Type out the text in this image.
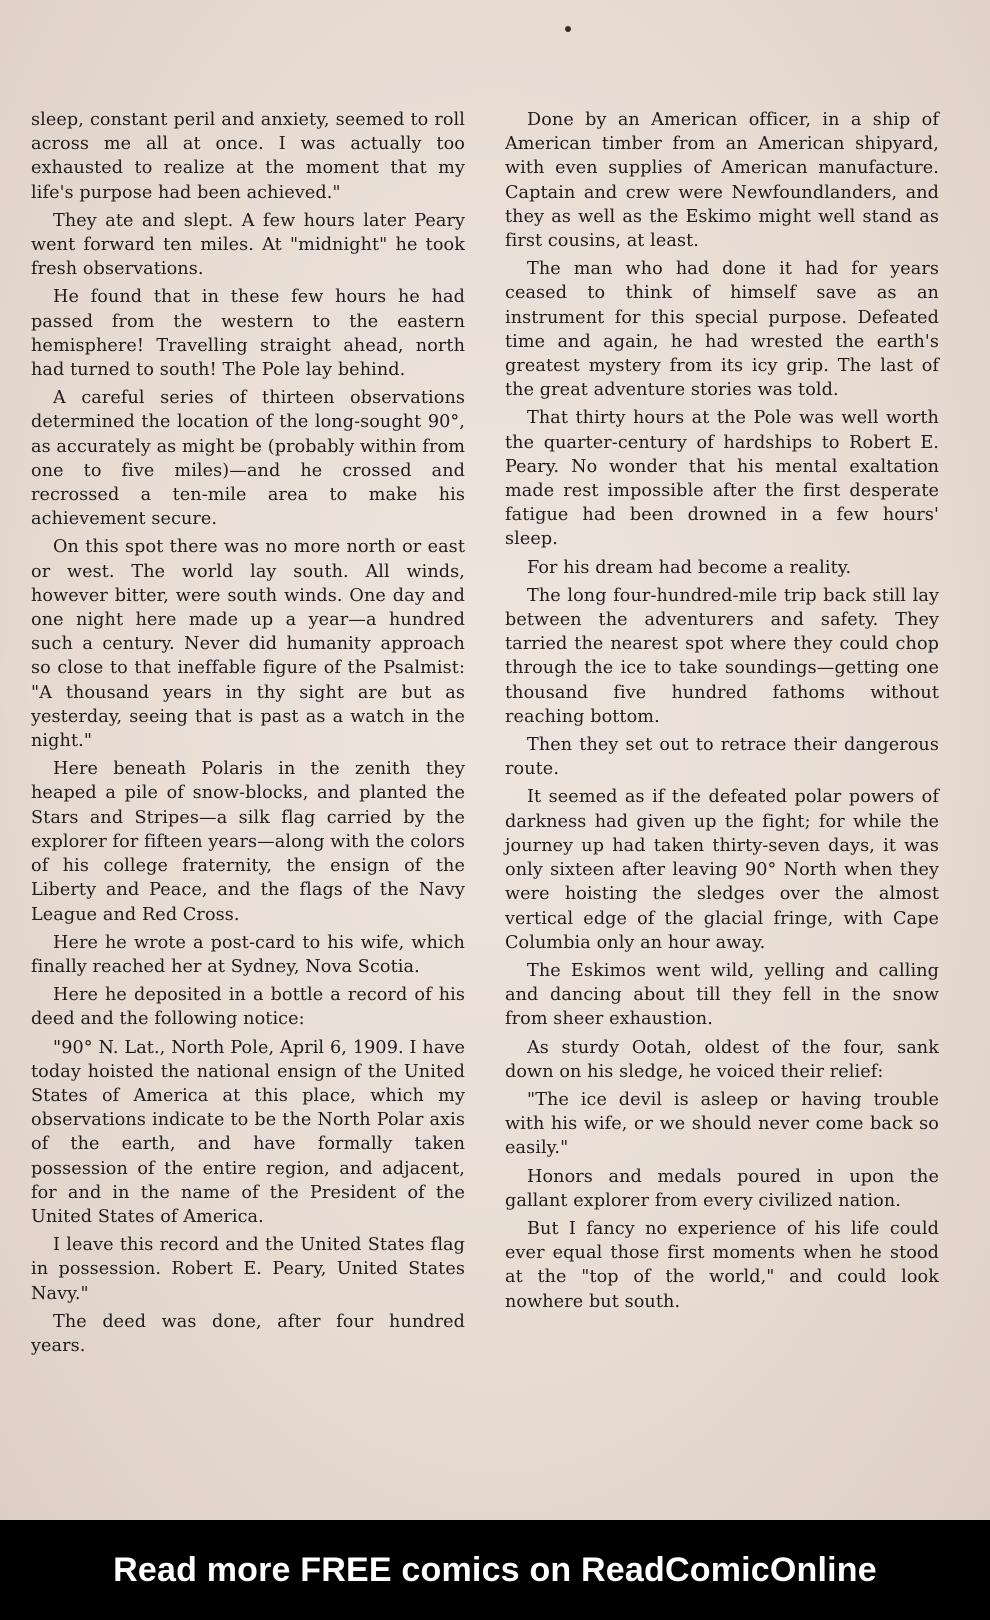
sleep, constant peril and anxiety, seemed to roll across me all at once. I was actually too exhausted to realize at the moment that my life's purpose had been achieved."

They ate and slept. A few hours later Peary went forward ten miles. At "midnight" he took fresh observations.

He found that in these few hours he had passed from the western to the eastern hemisphere! Travelling straight ahead, north had turned to south! The Pole lay behind.

A careful series of thirteen observations determined the location of the long-sought 90°, as accurately as might be (probably within from one to five miles)—and he crossed and recrossed a ten-mile area to make his achievement secure.

On this spot there was no more north or east or west. The world lay south. All winds, however bitter, were south winds. One day and one night here made up a year—a hundred such a century. Never did humanity approach so close to that ineffable figure of the Psalmist: "A thousand years in thy sight are but as yesterday, seeing that is past as a watch in the night."

Here beneath Polaris in the zenith they heaped a pile of snow-blocks, and planted the Stars and Stripes—a silk flag carried by the explorer for fifteen years—along with the colors of his college fraternity, the ensign of the Liberty and Peace, and the flags of the Navy League and Red Cross.

Here he wrote a post-card to his wife, which finally reached her at Sydney, Nova Scotia.

Here he deposited in a bottle a record of his deed and the following notice:

"90° N. Lat., North Pole, April 6, 1909. I have today hoisted the national ensign of the United States of America at this place, which my observations indicate to be the North Polar axis of the earth, and have formally taken possession of the entire region, and adjacent, for and in the name of the President of the United States of America.

I leave this record and the United States flag in possession. Robert E. Peary, United States Navy."

The deed was done, after four hundred years.

Done by an American officer, in a ship of American timber from an American shipyard, with even supplies of American manufacture. Captain and crew were Newfoundlanders, and they as well as the Eskimo might well stand as first cousins, at least.

The man who had done it had for years ceased to think of himself save as an instrument for this special purpose. Defeated time and again, he had wrested the earth's greatest mystery from its icy grip. The last of the great adventure stories was told.

That thirty hours at the Pole was well worth the quarter-century of hardships to Robert E. Peary. No wonder that his mental exaltation made rest impossible after the first desperate fatigue had been drowned in a few hours' sleep.

For his dream had become a reality.

The long four-hundred-mile trip back still lay between the adventurers and safety. They tarried the nearest spot where they could chop through the ice to take soundings—getting one thousand five hundred fathoms without reaching bottom.

Then they set out to retrace their dangerous route.

It seemed as if the defeated polar powers of darkness had given up the fight; for while the journey up had taken thirty-seven days, it was only sixteen after leaving 90° North when they were hoisting the sledges over the almost vertical edge of the glacial fringe, with Cape Columbia only an hour away.

The Eskimos went wild, yelling and calling and dancing about till they fell in the snow from sheer exhaustion.

As sturdy Ootah, oldest of the four, sank down on his sledge, he voiced their relief:

"The ice devil is asleep or having trouble with his wife, or we should never come back so easily."

Honors and medals poured in upon the gallant explorer from every civilized nation.

But I fancy no experience of his life could ever equal those first moments when he stood at the "top of the world," and could look nowhere but south.

Read more FREE comics on ReadComicOnline
